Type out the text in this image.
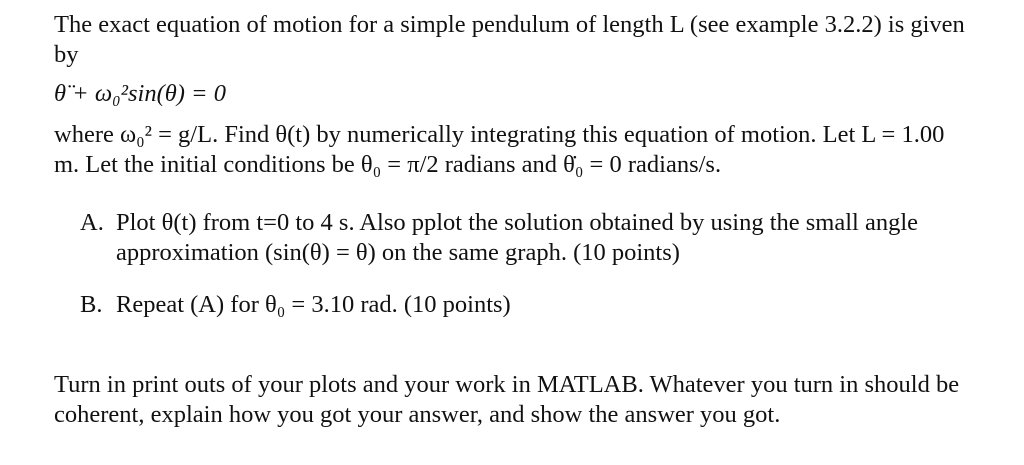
The exact equation of motion for a simple pendulum of length L (see example 3.2.2) is given by

θ̈ + ω₀²sin(θ) = 0

where ω₀² = g/L. Find θ(t) by numerically integrating this equation of motion. Let L = 1.00 m. Let the initial conditions be θ₀ = π/2 radians and θ̇₀ = 0 radians/s.

A. Plot θ(t) from t=0 to 4 s. Also pplot the solution obtained by using the small angle approximation (sin(θ) = θ) on the same graph. (10 points)
B. Repeat (A) for θ₀ = 3.10 rad. (10 points)

Turn in print outs of your plots and your work in MATLAB. Whatever you turn in should be coherent, explain how you got your answer, and show the answer you got.
